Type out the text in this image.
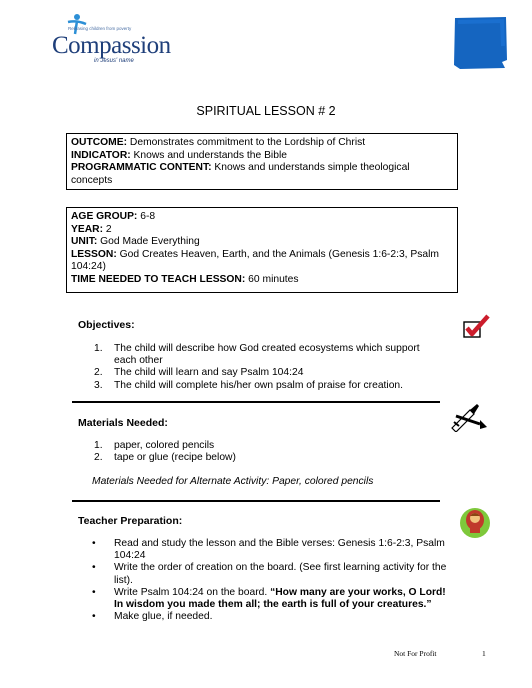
Releasing children from poverty
Compassion
in Jesus' name
SPIRITUAL LESSON # 2

OUTCOME: Demonstrates commitment to the Lordship of Christ

INDICATOR: Knows and understands the Bible

PROGRAMMATIC CONTENT: Knows and understands simple theological concepts

AGE GROUP: 6-8

YEAR: 2

UNIT: God Made Everything

LESSON: God Creates Heaven, Earth, and the Animals (Genesis 1:6-2:3, Psalm 104:24)

TIME NEEDED TO TEACH LESSON: 60 minutes

Objectives:
1. The child will describe how God created ecosystems which support each other
2. The child will learn and say Psalm 104:24
3. The child will complete his/her own psalm of praise for creation.
Materials Needed:
1. paper, colored pencils
2. tape or glue (recipe below)
Materials Needed for Alternate Activity: Paper, colored pencils
Teacher Preparation:
• Read and study the lesson and the Bible verses: Genesis 1:6-2:3, Psalm 104:24
• Write the order of creation on the board. (See first learning activity for the list).
• Write Psalm 104:24 on the board. “How many are your works, O Lord! In wisdom you made them all; the earth is full of your creatures.”
• Make glue, if needed.
Not For Profit	1
